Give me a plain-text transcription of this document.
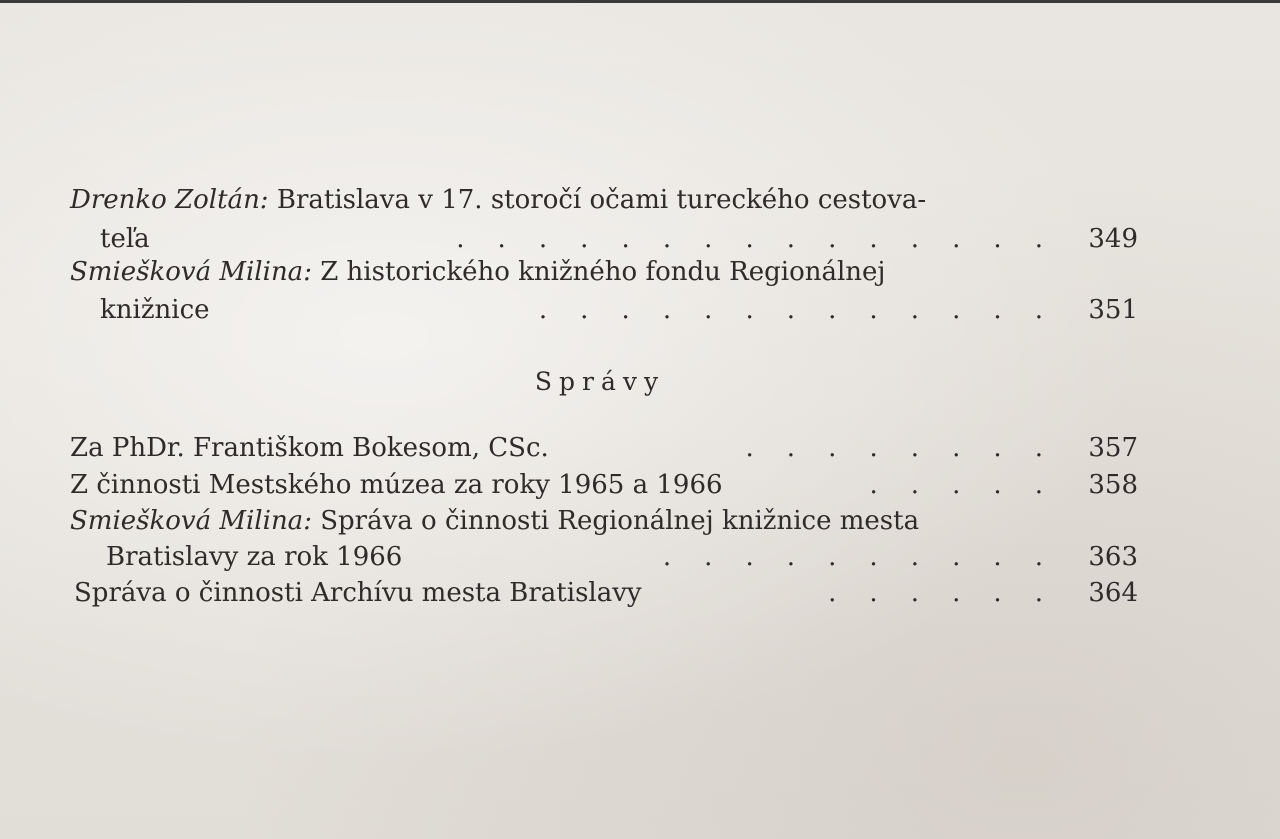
Drenko Zoltán: Bratislava v 17. storočí očami tureckého cestova-
teľa	.    .    .    .    .    .    .    .    .    .    .    .    .    .    .	349
Smiešková Milina: Z historického knižného fondu Regionálnej
knižnice	.    .    .    .    .    .    .    .    .    .    .    .    .	351
Správy
Za PhDr. Františkom Bokesom, CSc.	.    .    .    .    .    .    .    .	357
Z činnosti Mestského múzea za roky 1965 a 1966	.    .    .    .    .	358
Smiešková Milina: Správa o činnosti Regionálnej knižnice mesta
Bratislavy za rok 1966	.    .    .    .    .    .    .    .    .    .	363
Správa o činnosti Archívu mesta Bratislavy	.    .    .    .    .    .	364
